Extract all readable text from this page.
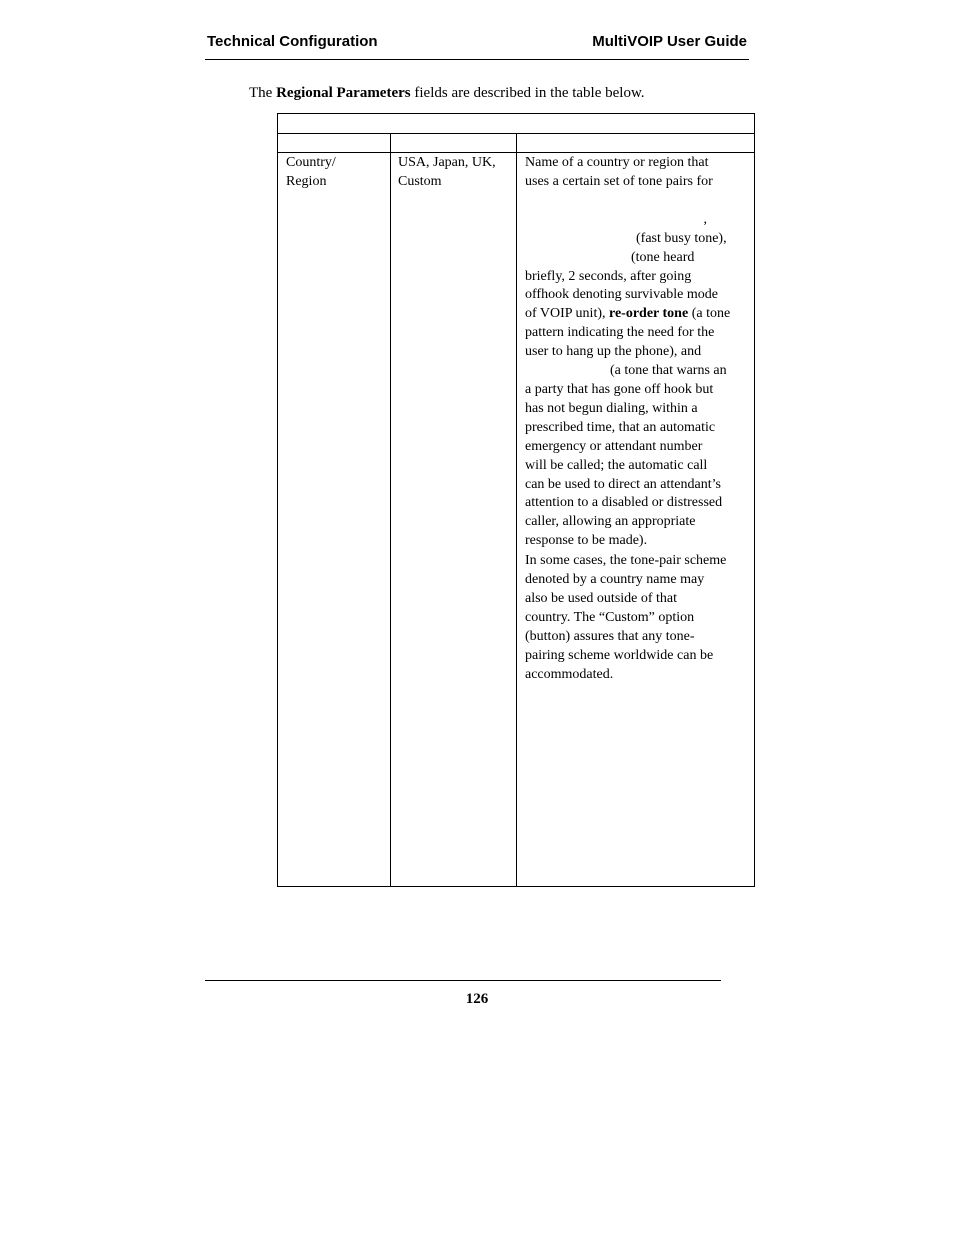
Technical Configuration	MultiVOIP User Guide
The Regional Parameters fields are described in the table below.
Country/
Region
USA, Japan, UK,
Custom
Name of a country or region that
uses a certain set of tone pairs for
,
(fast busy tone),
(tone heard
briefly, 2 seconds, after going
offhook denoting survivable mode
of VOIP unit), re-order tone (a tone
pattern indicating the need for the
user to hang up the phone), and
(a tone that warns an
a party that has gone off hook but
has not begun dialing, within a
prescribed time, that an automatic
emergency or attendant number
will be called; the automatic call
can be used to direct an attendant’s
attention to a disabled or distressed
caller, allowing an appropriate
response to be made).
In some cases, the tone-pair scheme
denoted by a country name may
also be used outside of that
country. The “Custom” option
(button) assures that any tone-
pairing scheme worldwide can be
accommodated.
126
